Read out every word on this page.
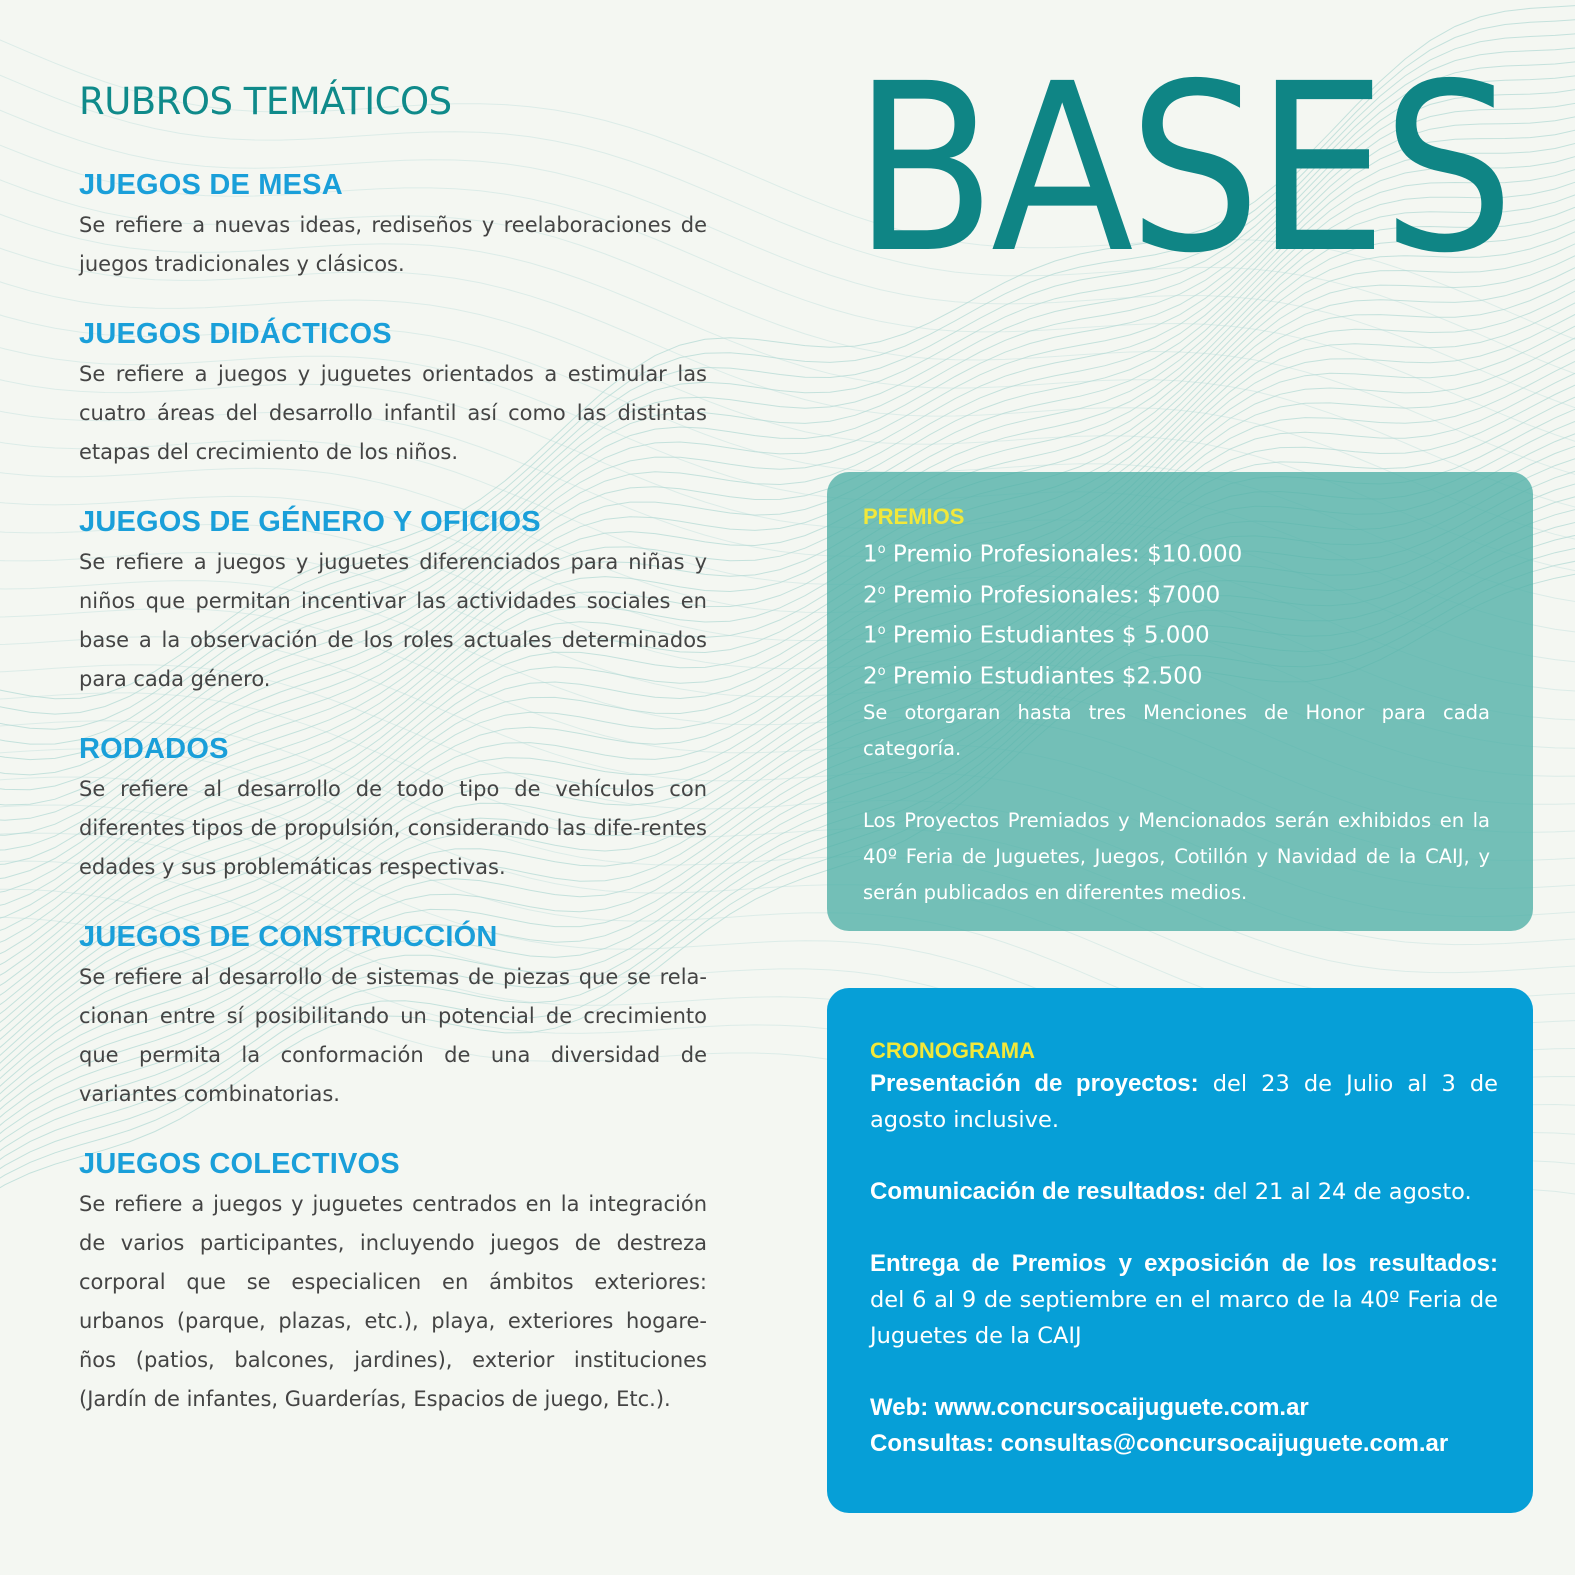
RUBROS TEMÁTICOS
JUEGOS DE MESA

Se refiere a nuevas ideas, rediseños y reelaboraciones de juegos tradicionales y clásicos.

JUEGOS DIDÁCTICOS

Se refiere a juegos y juguetes orientados a estimular las cuatro áreas del desarrollo infantil así como las distintas etapas del crecimiento de los niños.

JUEGOS DE GÉNERO Y OFICIOS

Se refiere a juegos y juguetes diferenciados para niñas y niños que permitan incentivar las actividades sociales en base a la observación de los roles actuales determinados para cada género.

RODADOS

Se refiere al desarrollo de todo tipo de vehículos con diferentes tipos de propulsión, considerando las dife-rentes edades y sus problemáticas respectivas.

JUEGOS DE CONSTRUCCIÓN

Se refiere al desarrollo de sistemas de piezas que se rela-cionan entre sí posibilitando un potencial de crecimiento que permita la conformación de una diversidad de variantes combinatorias.

JUEGOS COLECTIVOS

Se refiere a juegos y juguetes centrados en la integración de varios participantes, incluyendo juegos de destreza corporal que se especialicen en ámbitos exteriores: urbanos (parque, plazas, etc.), playa, exteriores hogare-ños (patios, balcones, jardines), exterior instituciones (Jardín de infantes, Guarderías, Espacios de juego, Etc.).

BASES
PREMIOS

1$^o$ Premio Profesionales: $10.000

2$^o$ Premio Profesionales: $7000

1$^o$ Premio Estudiantes $ 5.000

2$^o$ Premio Estudiantes $2.500

Se otorgaran hasta tres Menciones de Honor para cada categoría.

Los Proyectos Premiados y Mencionados serán exhibidos en la 40º Feria de Juguetes, Juegos, Cotillón y Navidad de la CAIJ, y serán publicados en diferentes medios.

CRONOGRAMA

Presentación de proyectos: del 23 de Julio al 3 de agosto inclusive.

Comunicación de resultados: del 21 al 24 de agosto.

Entrega de Premios y exposición de los resultados: del 6 al 9 de septiembre en el marco de la 40º Feria de Juguetes de la CAIJ

Web: www.concursocaijuguete.com.ar

Consultas: consultas@concursocaijuguete.com.ar
